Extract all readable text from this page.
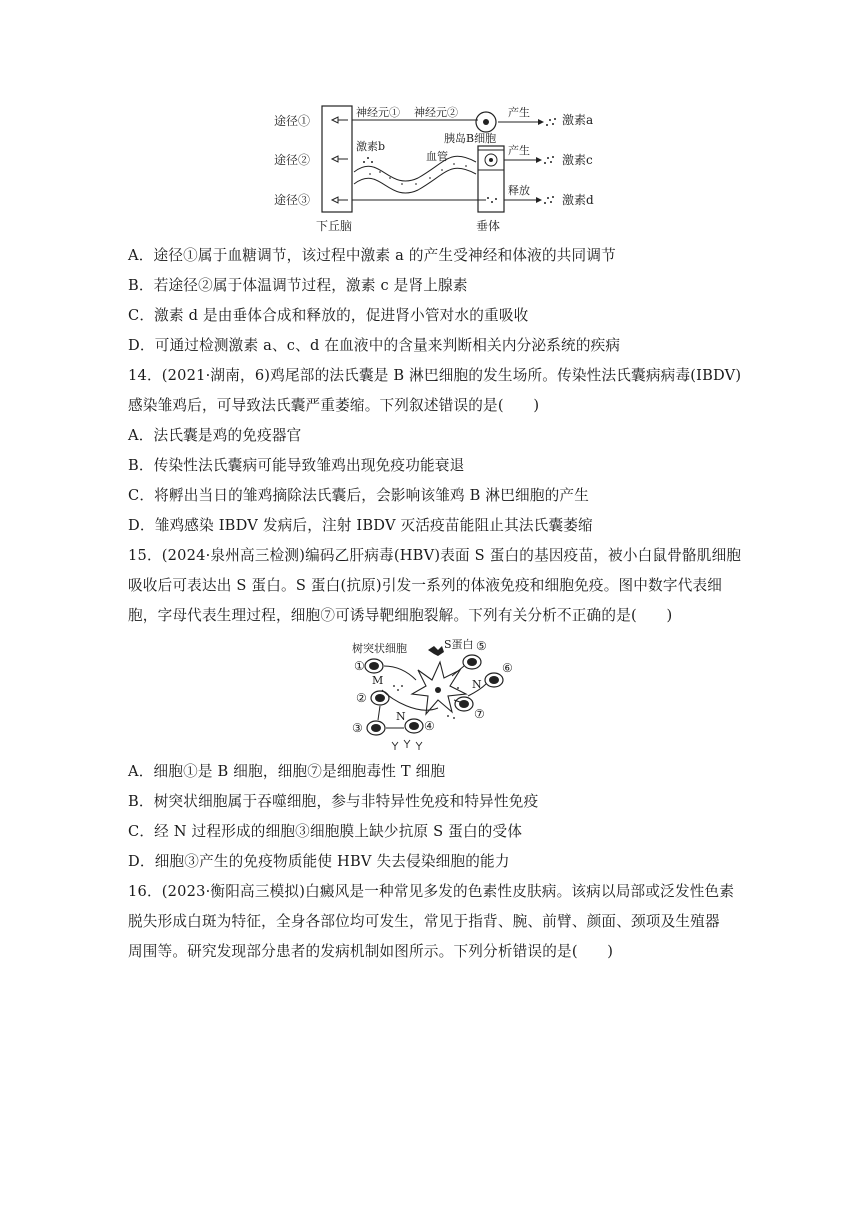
途径①
途径②
途径③
神经元① 神经元②
胰岛B细胞
产生
激素a
激素b
血管	产生
激素c
释放
激素d
下丘脑	垂体
A．途径①属于血糖调节，该过程中激素 a 的产生受神经和体液的共同调节
B．若途径②属于体温调节过程，激素 c 是肾上腺素
C．激素 d 是由垂体合成和释放的，促进肾小管对水的重吸收
D．可通过检测激素 a、c、d 在血液中的含量来判断相关内分泌系统的疾病
14．(2021·湖南，6)鸡尾部的法氏囊是 B 淋巴细胞的发生场所。传染性法氏囊病病毒(IBDV)
感染雏鸡后，可导致法氏囊严重萎缩。下列叙述错误的是(　　)
A．法氏囊是鸡的免疫器官
B．传染性法氏囊病可能导致雏鸡出现免疫功能衰退
C．将孵出当日的雏鸡摘除法氏囊后，会影响该雏鸡 B 淋巴细胞的产生
D．雏鸡感染 IBDV 发病后，注射 IBDV 灭活疫苗能阻止其法氏囊萎缩
15．(2024·泉州高三检测)编码乙肝病毒(HBV)表面 S 蛋白的基因疫苗，被小白鼠骨骼肌细胞
吸收后可表达出 S 蛋白。S 蛋白(抗原)引发一系列的体液免疫和细胞免疫。图中数字代表细
胞，字母代表生理过程，细胞⑦可诱导靶细胞裂解。下列有关分析不正确的是(　　)
树突状细胞	S蛋白
①
②
③	④
⑤
⑥
⑦
M
N
N
A．细胞①是 B 细胞，细胞⑦是细胞毒性 T 细胞
B．树突状细胞属于吞噬细胞，参与非特异性免疫和特异性免疫
C．经 N 过程形成的细胞③细胞膜上缺少抗原 S 蛋白的受体
D．细胞③产生的免疫物质能使 HBV 失去侵染细胞的能力
16．(2023·衡阳高三模拟)白癜风是一种常见多发的色素性皮肤病。该病以局部或泛发性色素
脱失形成白斑为特征，全身各部位均可发生，常见于指背、腕、前臂、颜面、颈项及生殖器
周围等。研究发现部分患者的发病机制如图所示。下列分析错误的是(　　)
